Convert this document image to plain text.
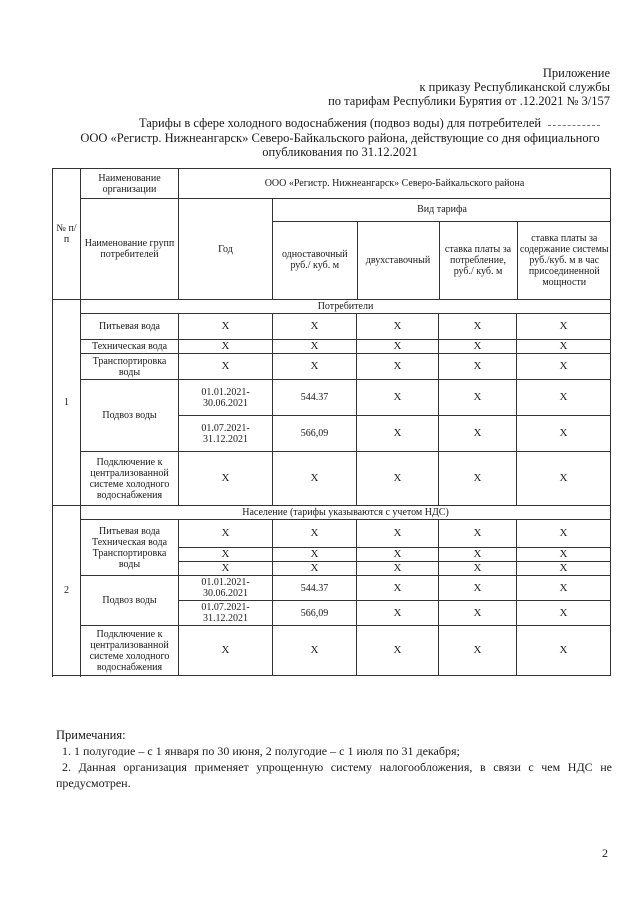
Приложение
к приказу Республиканской службы
по тарифам Республики Бурятия от .12.2021 № 3/157
Тарифы в сфере холодного водоснабжения (подвоз воды) для потребителей
ООО «Регистр. Нижнеангарск» Северо-Байкальского района, действующие со дня официального
опубликования по 31.12.2021
№ п/п	Наименование организации	ООО «Регистр. Нижнеангарск» Северо-Байкальского района
Наименование групп потребителей	Год	
Вид тарифа
одноставочный руб./ куб. м	двухставочный	ставка платы за потребление, руб./ куб. м	ставка платы за содержание системы руб./куб. м в час присоединенной мощности

1	Потребители
Питьевая вода	X	X	X	X	X
Техническая вода	X	X	X	X	X
Транспортировка воды	X	X	X	X	X
Подвоз воды	01.01.2021-30.06.2021	544.37	X	X	X
01.07.2021-31.12.2021	566,09	X	X	X
Подключение к централизованной системе холодного водоснабжения	X	X	X	X	X

2	Население (тарифы указываются с учетом НДС)
Питьевая вода Техническая вода Транспортировка воды	X	X	X	X	X
X	X	X	X	X
X	X	X	X	X
Подвоз воды	01.01.2021-30.06.2021	544.37	X	X	X
01.07.2021-31.12.2021	566,09	X	X	X
Подключение к централизованной системе холодного водоснабжения	X	X	X	X	X

Примечания:
1. 1 полугодие – с 1 января по 30 июня, 2 полугодие – с 1 июля по 31 декабря;
2. Данная организация применяет упрощенную систему налогообложения, в связи с чем НДС не
предусмотрен.
2
